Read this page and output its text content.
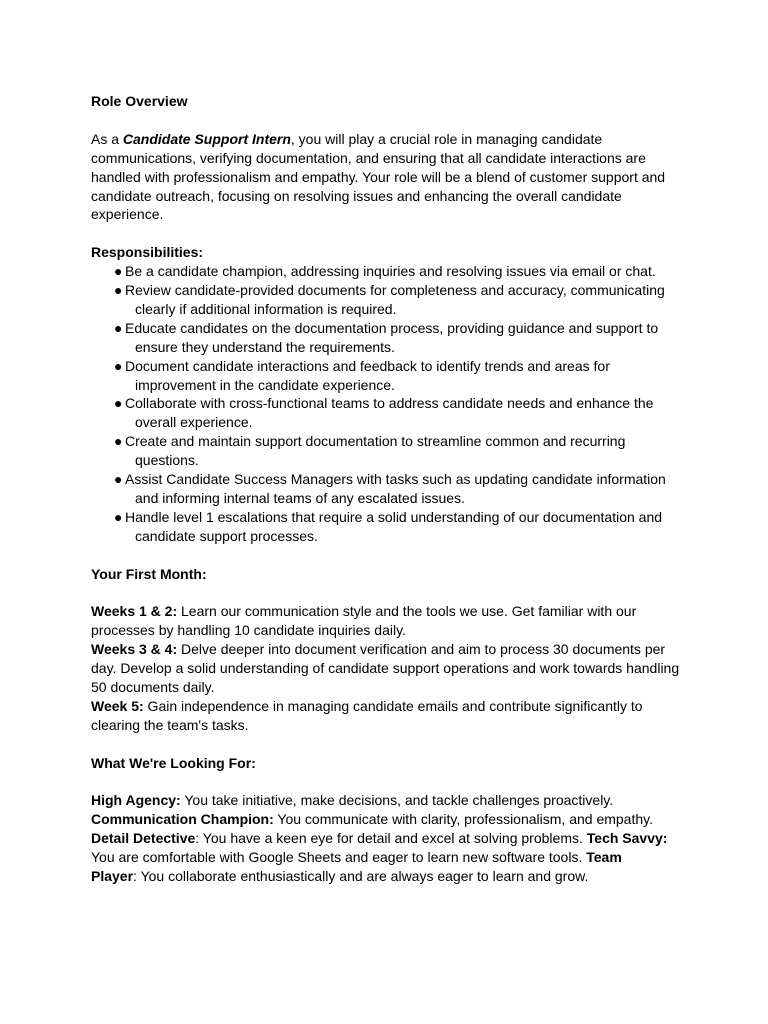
Role Overview

As a Candidate Support Intern, you will play a crucial role in managing candidate
communications, verifying documentation, and ensuring that all candidate interactions are
handled with professionalism and empathy. Your role will be a blend of customer support and
candidate outreach, focusing on resolving issues and enhancing the overall candidate
experience.

Responsibilities:

● Be a candidate champion, addressing inquiries and resolving issues via email or chat.
● Review candidate-provided documents for completeness and accuracy, communicating
clearly if additional information is required.
● Educate candidates on the documentation process, providing guidance and support to
ensure they understand the requirements.
● Document candidate interactions and feedback to identify trends and areas for
improvement in the candidate experience.
● Collaborate with cross-functional teams to address candidate needs and enhance the
overall experience.
● Create and maintain support documentation to streamline common and recurring
questions.
● Assist Candidate Success Managers with tasks such as updating candidate information
and informing internal teams of any escalated issues.
● Handle level 1 escalations that require a solid understanding of our documentation and
candidate support processes.

Your First Month:

Weeks 1 & 2: Learn our communication style and the tools we use. Get familiar with our
processes by handling 10 candidate inquiries daily.
Weeks 3 & 4: Delve deeper into document verification and aim to process 30 documents per
day. Develop a solid understanding of candidate support operations and work towards handling
50 documents daily.
Week 5: Gain independence in managing candidate emails and contribute significantly to
clearing the team's tasks.

What We're Looking For:

High Agency: You take initiative, make decisions, and tackle challenges proactively.
Communication Champion: You communicate with clarity, professionalism, and empathy.
Detail Detective: You have a keen eye for detail and excel at solving problems. Tech Savvy:
You are comfortable with Google Sheets and eager to learn new software tools. Team
Player: You collaborate enthusiastically and are always eager to learn and grow.
